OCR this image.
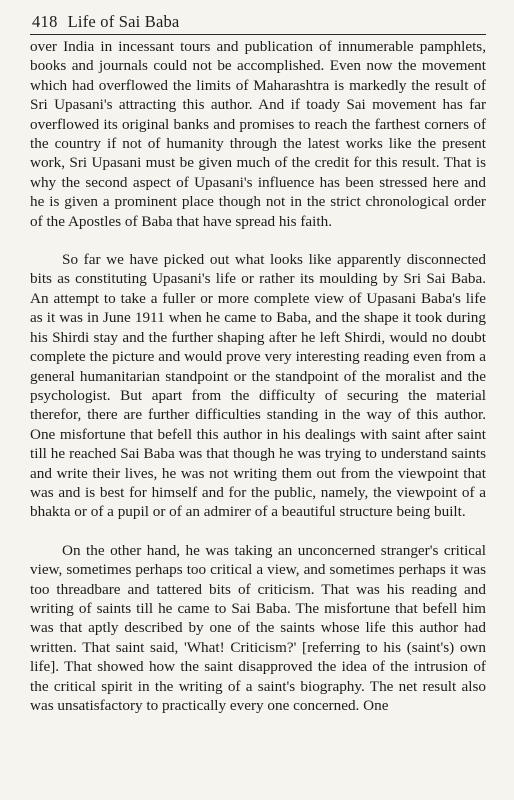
418 Life of Sai Baba

over India in incessant tours and publication of innumerable pamphlets, books and journals could not be accomplished. Even now the movement which had overflowed the limits of Maharashtra is markedly the result of Sri Upasani's attracting this author. And if toady Sai movement has far overflowed its original banks and promises to reach the farthest corners of the country if not of humanity through the latest works like the present work, Sri Upasani must be given much of the credit for this result. That is why the second aspect of Upasani's influence has been stressed here and he is given a prominent place though not in the strict chronological order of the Apostles of Baba that have spread his faith.

So far we have picked out what looks like apparently disconnected bits as constituting Upasani's life or rather its moulding by Sri Sai Baba. An attempt to take a fuller or more complete view of Upasani Baba's life as it was in June 1911 when he came to Baba, and the shape it took during his Shirdi stay and the further shaping after he left Shirdi, would no doubt complete the picture and would prove very interesting reading even from a general humanitarian standpoint or the standpoint of the moralist and the psychologist. But apart from the difficulty of securing the material therefor, there are further difficulties standing in the way of this author. One misfortune that befell this author in his dealings with saint after saint till he reached Sai Baba was that though he was trying to understand saints and write their lives, he was not writing them out from the viewpoint that was and is best for himself and for the public, namely, the viewpoint of a bhakta or of a pupil or of an admirer of a beautiful structure being built.

On the other hand, he was taking an unconcerned stranger's critical view, sometimes perhaps too critical a view, and sometimes perhaps it was too threadbare and tattered bits of criticism. That was his reading and writing of saints till he came to Sai Baba. The misfortune that befell him was that aptly described by one of the saints whose life this author had written. That saint said, 'What! Criticism?' [referring to his (saint's) own life]. That showed how the saint disapproved the idea of the intrusion of the critical spirit in the writing of a saint's biography. The net result also was unsatisfactory to practically every one concerned. One
